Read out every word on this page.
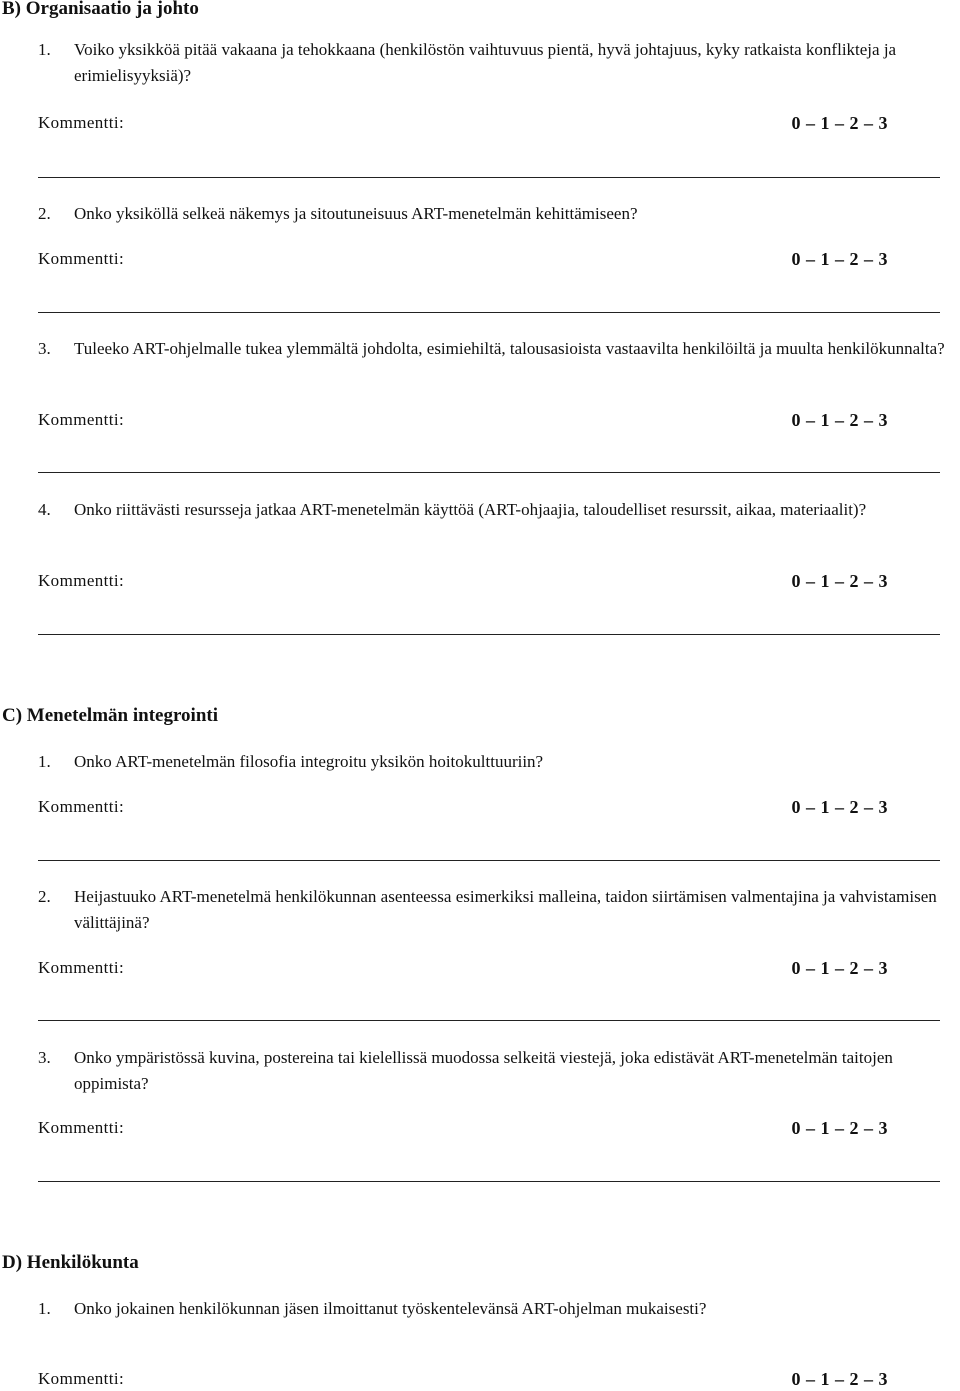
B) Organisaatio ja johto
1. Voiko yksikköä pitää vakaana ja tehokkaana (henkilöstön vaihtuvuus pientä, hyvä johtajuus, kyky ratkaista konflikteja ja erimielisyyksiä)?
Kommentti:	0 – 1 – 2 – 3
2. Onko yksiköllä selkeä näkemys ja sitoutuneisuus ART-menetelmän kehittämiseen?
Kommentti:	0 – 1 – 2 – 3
3. Tuleeko ART-ohjelmalle tukea ylemmältä johdolta, esimiehiltä, talousasioista vastaavilta henkilöiltä ja muulta henkilökunnalta?
Kommentti:	0 – 1 – 2 – 3
4. Onko riittävästi resursseja jatkaa ART-menetelmän käyttöä (ART-ohjaajia, taloudelliset resurssit, aikaa, materiaalit)?
Kommentti:	0 – 1 – 2 – 3
C) Menetelmän integrointi
1. Onko ART-menetelmän filosofia integroitu yksikön hoitokulttuuriin?
Kommentti:	0 – 1 – 2 – 3
2. Heijastuuko ART-menetelmä henkilökunnan asenteessa esimerkiksi malleina, taidon siirtämisen valmentajina ja vahvistamisen välittäjinä?
Kommentti:	0 – 1 – 2 – 3
3. Onko ympäristössä kuvina, postereina tai kielellissä muodossa selkeitä viestejä, joka edistävät ART-menetelmän taitojen oppimista?
Kommentti:	0 – 1 – 2 – 3
D) Henkilökunta
1. Onko jokainen henkilökunnan jäsen ilmoittanut työskentelevänsä ART-ohjelman mukaisesti?
Kommentti:	0 – 1 – 2 – 3
